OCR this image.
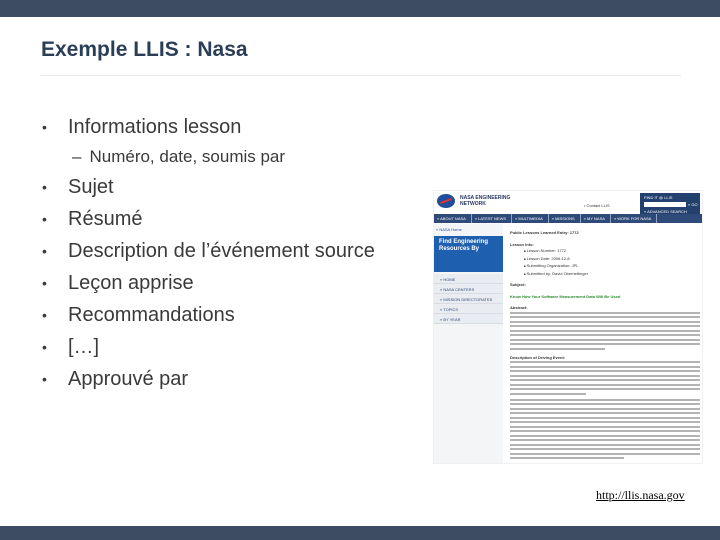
Exemple LLIS : Nasa
• Informations lesson
• Sujet
• Résumé
• Description de l’événement source
• Leçon apprise
• Recommandations
• […]
• Approuvé par
– Numéro, date, soumis par
NASA ENGINEERING
NETWORK	• Contact LLIS
FIND IT @ LLIS
» GO
» ADVANCED SEARCH
» ABOUT NASA	» LATEST NEWS	» MULTIMEDIA	» MISSIONS	» MY NASA	» WORK FOR NASA
» NASA Home
Find Engineering
Resources By
» HOME
» NASA CENTERS
» MISSION DIRECTORATES
» TOPICS
» BY YEAR
Public Lessons Learned Entry: 1772
Lesson Info:
■ Lesson Number: 1772
■ Lesson Date: 2006-12-8
■ Submitting Organization: JPL
■ Submitted by: David Oberhettinger
Subject:
Know How Your Software Measurement Data Will Be Used
Abstract:
Description of Driving Event:
http://llis.nasa.gov
